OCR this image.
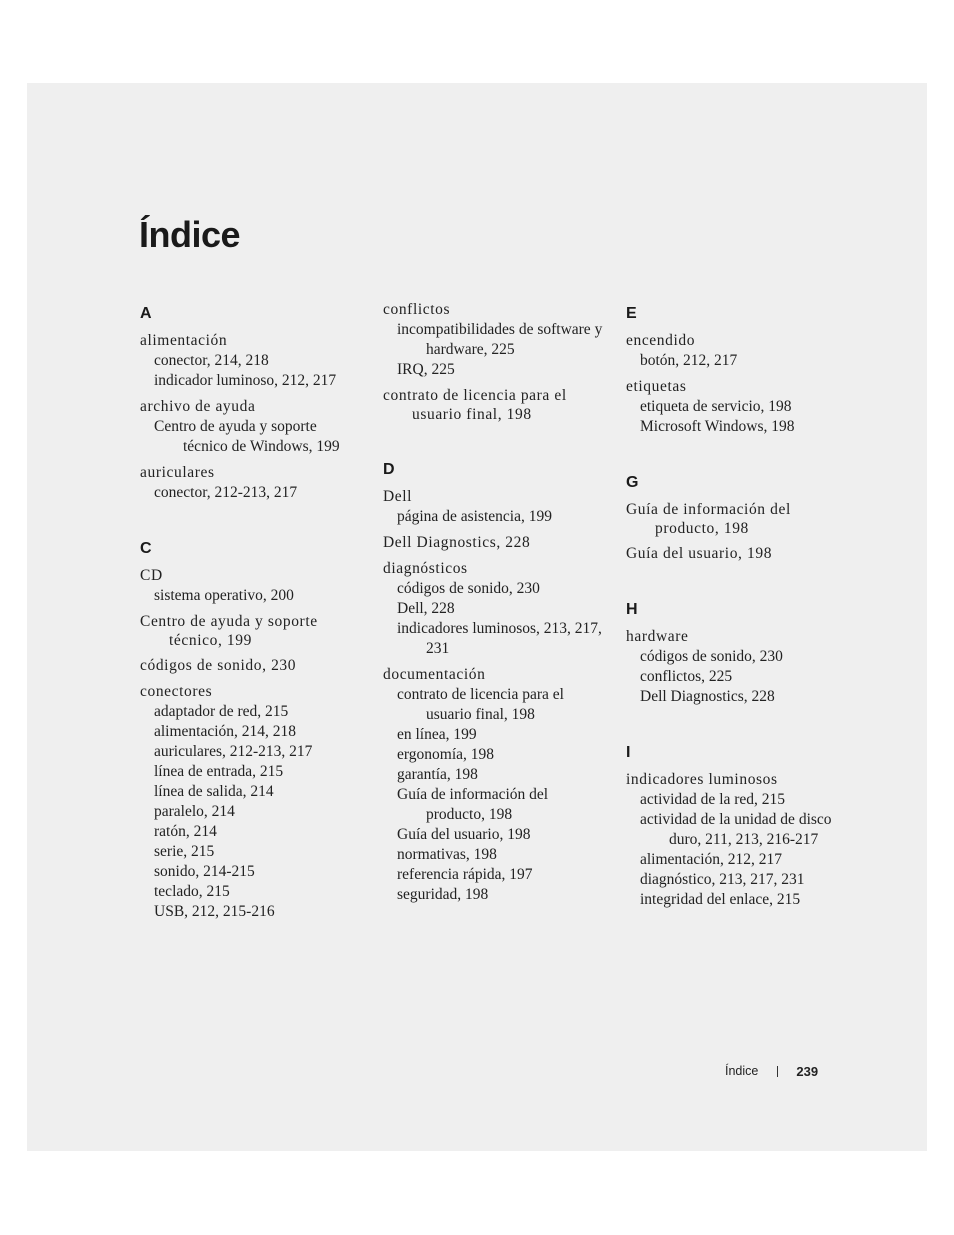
Índice
A
alimentación
conector, 214, 218
indicador luminoso, 212, 217
archivo de ayuda
Centro de ayuda y soporte técnico de Windows, 199
auriculares
conector, 212-213, 217
C
CD
sistema operativo, 200
Centro de ayuda y soporte técnico, 199
códigos de sonido, 230
conectores
adaptador de red, 215
alimentación, 214, 218
auriculares, 212-213, 217
línea de entrada, 215
línea de salida, 214
paralelo, 214
ratón, 214
serie, 215
sonido, 214-215
teclado, 215
USB, 212, 215-216
conflictos
incompatibilidades de software y hardware, 225
IRQ, 225
contrato de licencia para el usuario final, 198
D
Dell
página de asistencia, 199
Dell Diagnostics, 228
diagnósticos
códigos de sonido, 230
Dell, 228
indicadores luminosos, 213, 217, 231
documentación
contrato de licencia para el usuario final, 198
en línea, 199
ergonomía, 198
garantía, 198
Guía de información del producto, 198
Guía del usuario, 198
normativas, 198
referencia rápida, 197
seguridad, 198
E
encendido
botón, 212, 217
etiquetas
etiqueta de servicio, 198
Microsoft Windows, 198
G
Guía de información del producto, 198
Guía del usuario, 198
H
hardware
códigos de sonido, 230
conflictos, 225
Dell Diagnostics, 228
I
indicadores luminosos
actividad de la red, 215
actividad de la unidad de disco duro, 211, 213, 216-217
alimentación, 212, 217
diagnóstico, 213, 217, 231
integridad del enlace, 215
Índice	239
